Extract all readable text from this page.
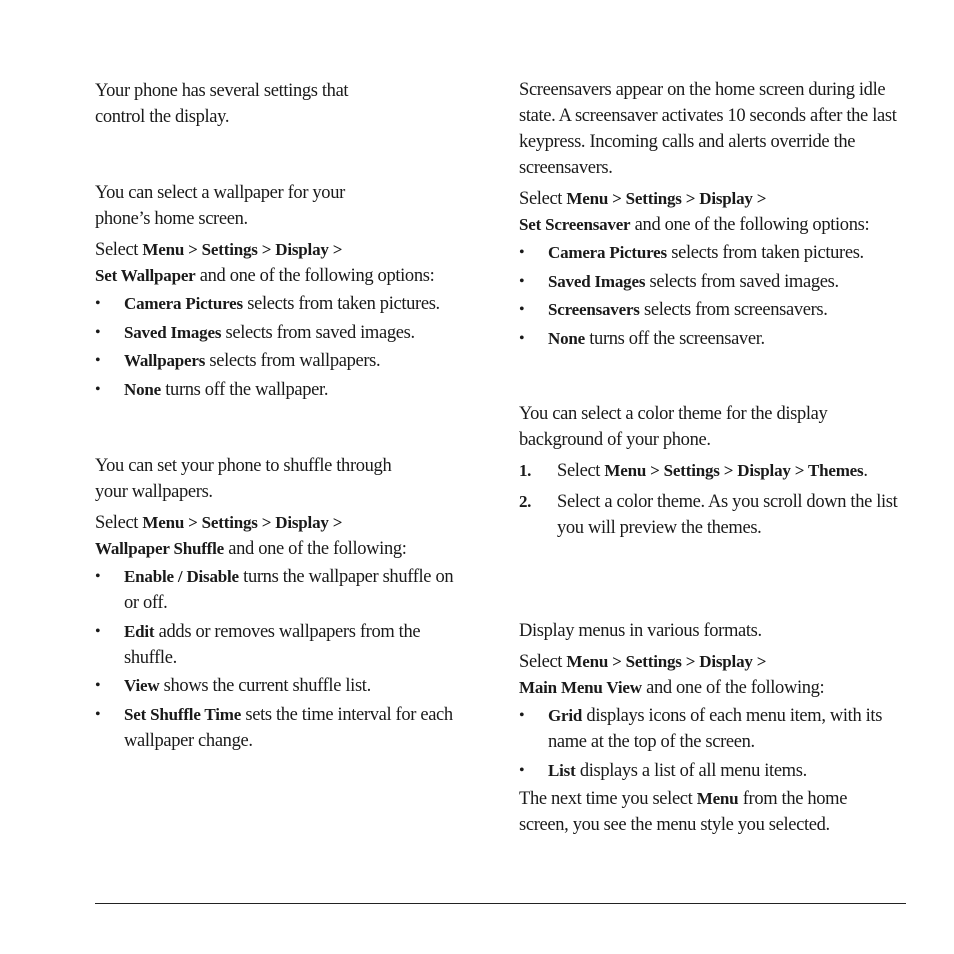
Your phone has several settings that control the display.

You can select a wallpaper for your phone’s home screen.

Select Menu > Settings > Display >
Set Wallpaper and one of the following options:

• Camera Pictures selects from taken pictures.
• Saved Images selects from saved images.
• Wallpapers selects from wallpapers.
• None turns off the wallpaper.

You can set your phone to shuffle through your wallpapers.

Select Menu > Settings > Display >
Wallpaper Shuffle and one of the following:

• Enable / Disable turns the wallpaper shuffle on or off.
• Edit adds or removes wallpapers from the shuffle.
• View shows the current shuffle list.
• Set Shuffle Time sets the time interval for each wallpaper change.

Screensavers appear on the home screen during idle state. A screensaver activates 10 seconds after the last keypress. Incoming calls and alerts override the screensavers.

Select Menu > Settings > Display >
Set Screensaver and one of the following options:

• Camera Pictures selects from taken pictures.
• Saved Images selects from saved images.
• Screensavers selects from screensavers.
• None turns off the screensaver.

You can select a color theme for the display background of your phone.

1. Select Menu > Settings > Display > Themes.
2. Select a color theme. As you scroll down the list you will preview the themes.

Display menus in various formats.

Select Menu > Settings > Display >
Main Menu View and one of the following:

• Grid displays icons of each menu item, with its name at the top of the screen.
• List displays a list of all menu items.

The next time you select Menu from the home screen, you see the menu style you selected.
